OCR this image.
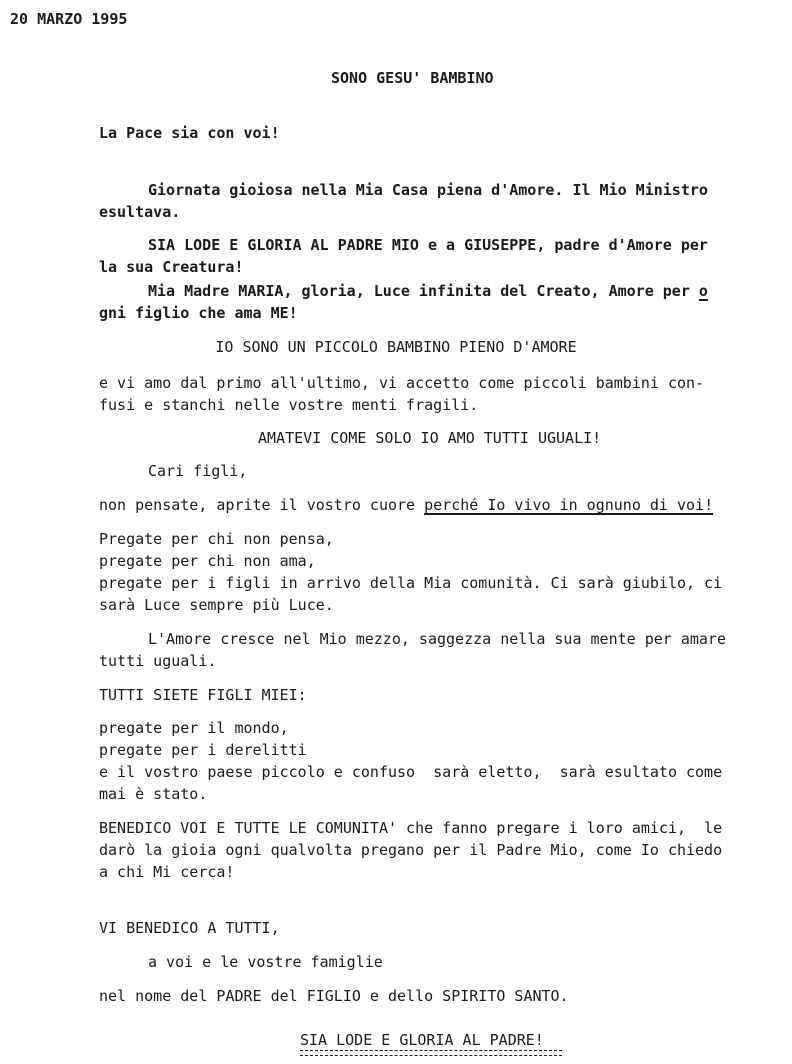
20 MARZO 1995
SONO GESU' BAMBINO
La Pace sia con voi!
Giornata gioiosa nella Mia Casa piena d'Amore. Il Mio Ministro
esultava.
SIA LODE E GLORIA AL PADRE MIO e a GIUSEPPE, padre d'Amore per
la sua Creatura!
Mia Madre MARIA, gloria, Luce infinita del Creato, Amore per o
gni figlio che ama ME!
IO SONO UN PICCOLO BAMBINO PIENO D'AMORE
e vi amo dal primo all'ultimo, vi accetto come piccoli bambini con-
fusi e stanchi nelle vostre menti fragili.
AMATEVI COME SOLO IO AMO TUTTI UGUALI!
Cari figli,
non pensate, aprite il vostro cuore perché Io vivo in ognuno di voi!
Pregate per chi non pensa,
pregate per chi non ama,
pregate per i figli in arrivo della Mia comunità. Ci sarà giubilo, ci
sarà Luce sempre più Luce.
L'Amore cresce nel Mio mezzo, saggezza nella sua mente per amare
tutti uguali.
TUTTI SIETE FIGLI MIEI:
pregate per il mondo,
pregate per i derelitti
e il vostro paese piccolo e confuso  sarà eletto,  sarà esultato come
mai è stato.
BENEDICO VOI E TUTTE LE COMUNITA' che fanno pregare i loro amici,  le
darò la gioia ogni qualvolta pregano per il Padre Mio, come Io chiedo
a chi Mi cerca!
VI BENEDICO A TUTTI,
a voi e le vostre famiglie
nel nome del PADRE del FIGLIO e dello SPIRITO SANTO.
SIA LODE E GLORIA AL PADRE!
